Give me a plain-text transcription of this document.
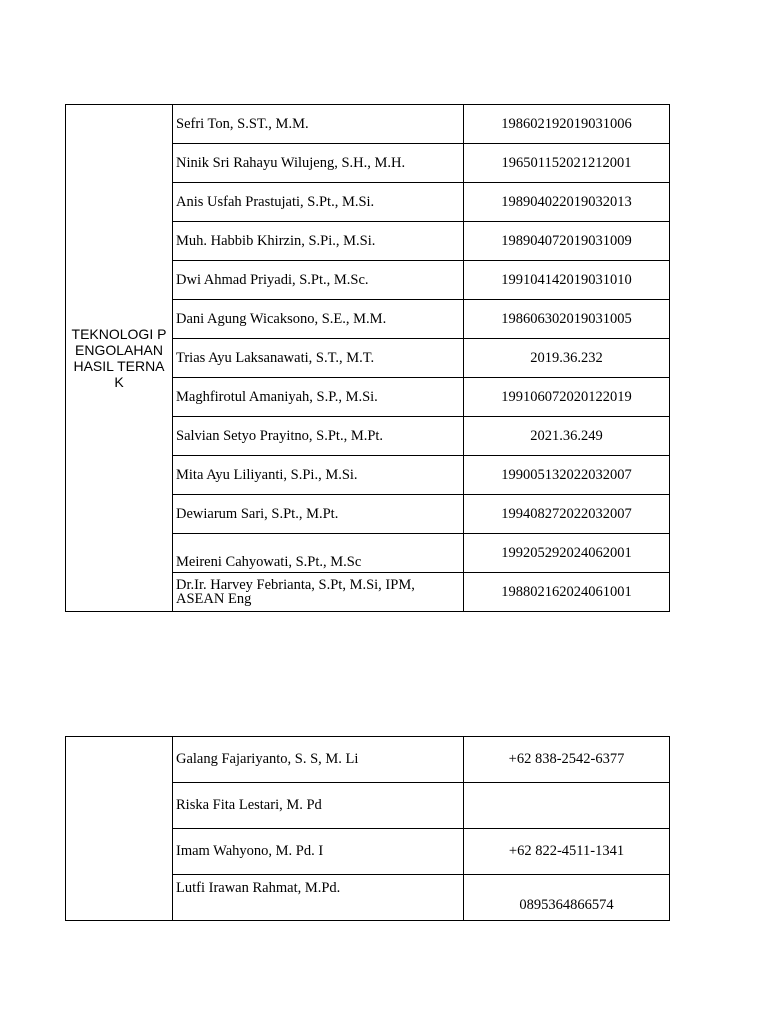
TEKNOLOGI PENGOLAHAN HASIL TERNAK	Sefri Ton, S.ST., M.M.	198602192019031006
	Ninik Sri Rahayu Wilujeng, S.H., M.H.	196501152021212001
	Anis Usfah Prastujati, S.Pt., M.Si.	198904022019032013
	Muh. Habbib Khirzin, S.Pi., M.Si.	198904072019031009
	Dwi Ahmad Priyadi, S.Pt., M.Sc.	199104142019031010
	Dani Agung Wicaksono, S.E., M.M.	198606302019031005
	Trias Ayu Laksanawati, S.T., M.T.	2019.36.232
	Maghfirotul Amaniyah, S.P., M.Si.	199106072020122019
	Salvian Setyo Prayitno, S.Pt., M.Pt.	2021.36.249
	Mita Ayu Liliyanti, S.Pi., M.Si.	199005132022032007
	Dewiarum Sari, S.Pt., M.Pt.	199408272022032007
	Meireni Cahyowati, S.Pt., M.Sc	199205292024062001
	Dr.Ir. Harvey Febrianta, S.Pt, M.Si, IPM, ASEAN Eng	198802162024061001
	Galang Fajariyanto, S. S, M. Li	+62 838-2542-6377
	Riska Fita Lestari, M. Pd	
	Imam Wahyono, M. Pd. I	+62 822-4511-1341
	Lutfi Irawan Rahmat, M.Pd.	0895364866574
